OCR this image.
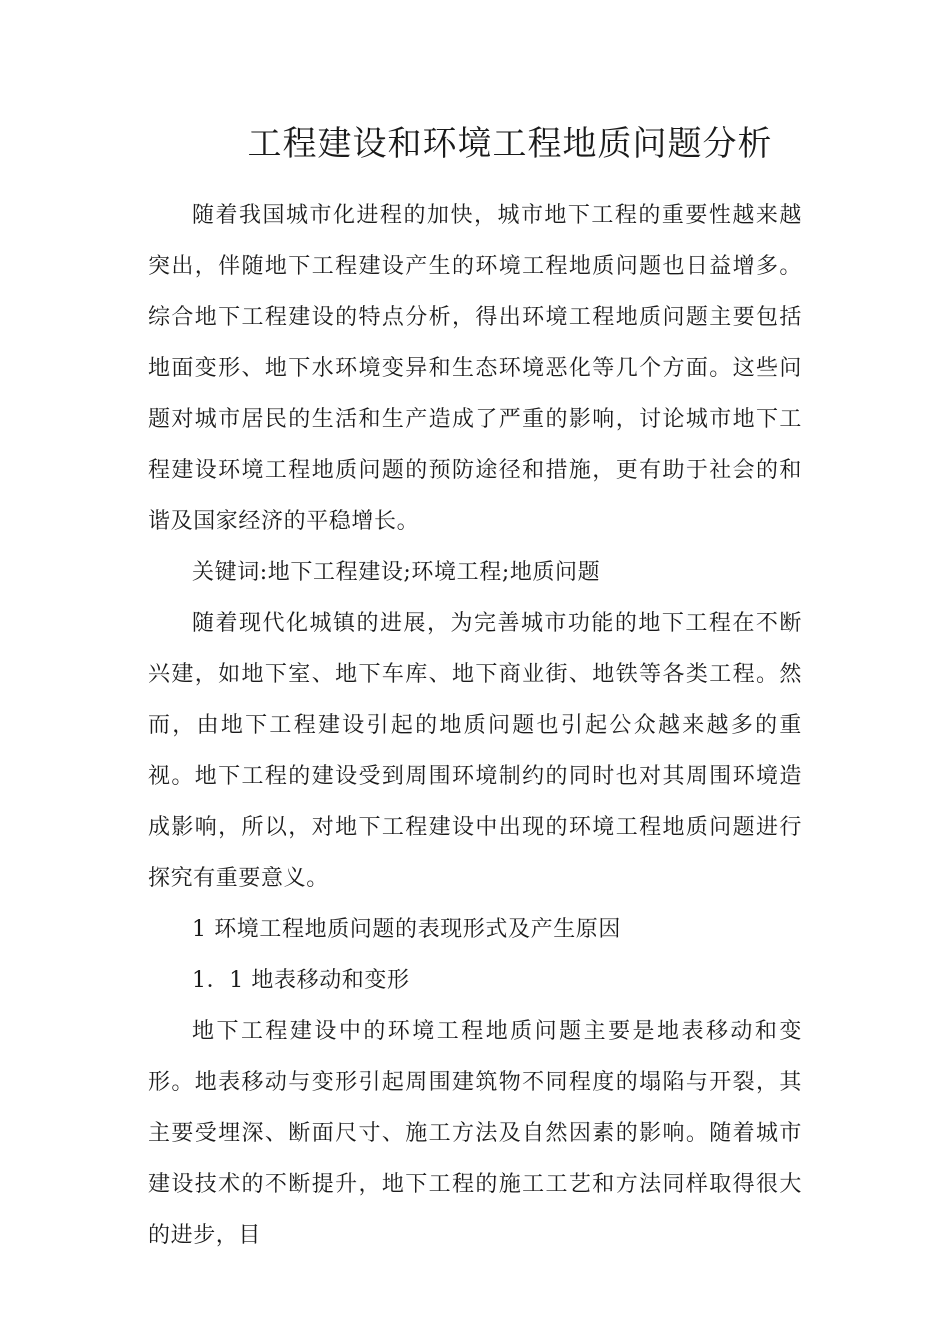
工程建设和环境工程地质问题分析

随着我国城市化进程的加快，城市地下工程的重要性越来越突出，伴随地下工程建设产生的环境工程地质问题也日益增多。综合地下工程建设的特点分析，得出环境工程地质问题主要包括地面变形、地下水环境变异和生态环境恶化等几个方面。这些问题对城市居民的生活和生产造成了严重的影响，讨论城市地下工程建设环境工程地质问题的预防途径和措施，更有助于社会的和谐及国家经济的平稳增长。

关键词:地下工程建设;环境工程;地质问题

随着现代化城镇的进展，为完善城市功能的地下工程在不断兴建，如地下室、地下车库、地下商业街、地铁等各类工程。然而，由地下工程建设引起的地质问题也引起公众越来越多的重视。地下工程的建设受到周围环境制约的同时也对其周围环境造成影响，所以，对地下工程建设中出现的环境工程地质问题进行探究有重要意义。

1 环境工程地质问题的表现形式及产生原因

1．1 地表移动和变形

地下工程建设中的环境工程地质问题主要是地表移动和变形。地表移动与变形引起周围建筑物不同程度的塌陷与开裂，其主要受埋深、断面尺寸、施工方法及自然因素的影响。随着城市建设技术的不断提升，地下工程的施工工艺和方法同样取得很大的进步，目
